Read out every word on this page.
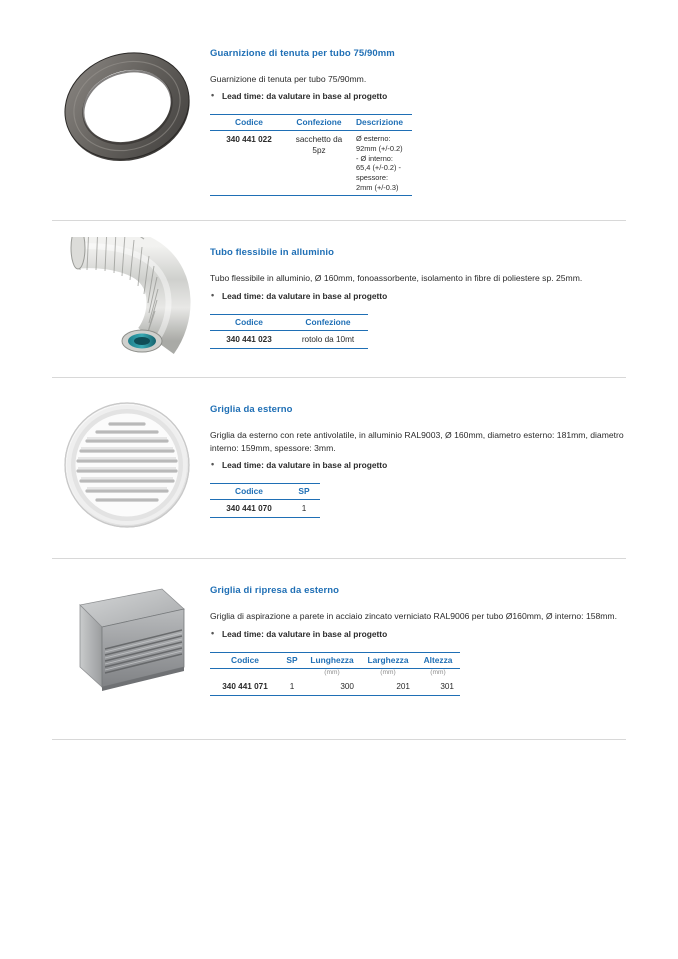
Guarnizione di tenuta per tubo 75/90mm

Guarnizione di tenuta per tubo 75/90mm.

• Lead time: da valutare in base al progetto

Codice	Confezione	Descrizione
340 441 022	sacchetto da 5pz	Ø esterno: 92mm (+/-0.2) - Ø interno: 65,4 (+/-0.2) - spessore: 2mm (+/-0.3)

Tubo flessibile in alluminio

Tubo flessibile in alluminio, Ø 160mm, fonoassorbente, isolamento in fibre di poliestere sp. 25mm.

• Lead time: da valutare in base al progetto

Codice	Confezione
340 441 023	rotolo da 10mt

Griglia da esterno

Griglia da esterno con rete antivolatile, in alluminio RAL9003, Ø 160mm, diametro esterno: 181mm, diametro interno: 159mm, spessore: 3mm.

• Lead time: da valutare in base al progetto

Codice	SP
340 441 070	1

Griglia di ripresa da esterno

Griglia di aspirazione a parete in acciaio zincato verniciato RAL9006 per tubo Ø160mm, Ø interno: 158mm.

• Lead time: da valutare in base al progetto

Codice	SP	Lunghezza	Larghezza	Altezza
		(mm)	(mm)	(mm)
340 441 071	1	300	201	301
